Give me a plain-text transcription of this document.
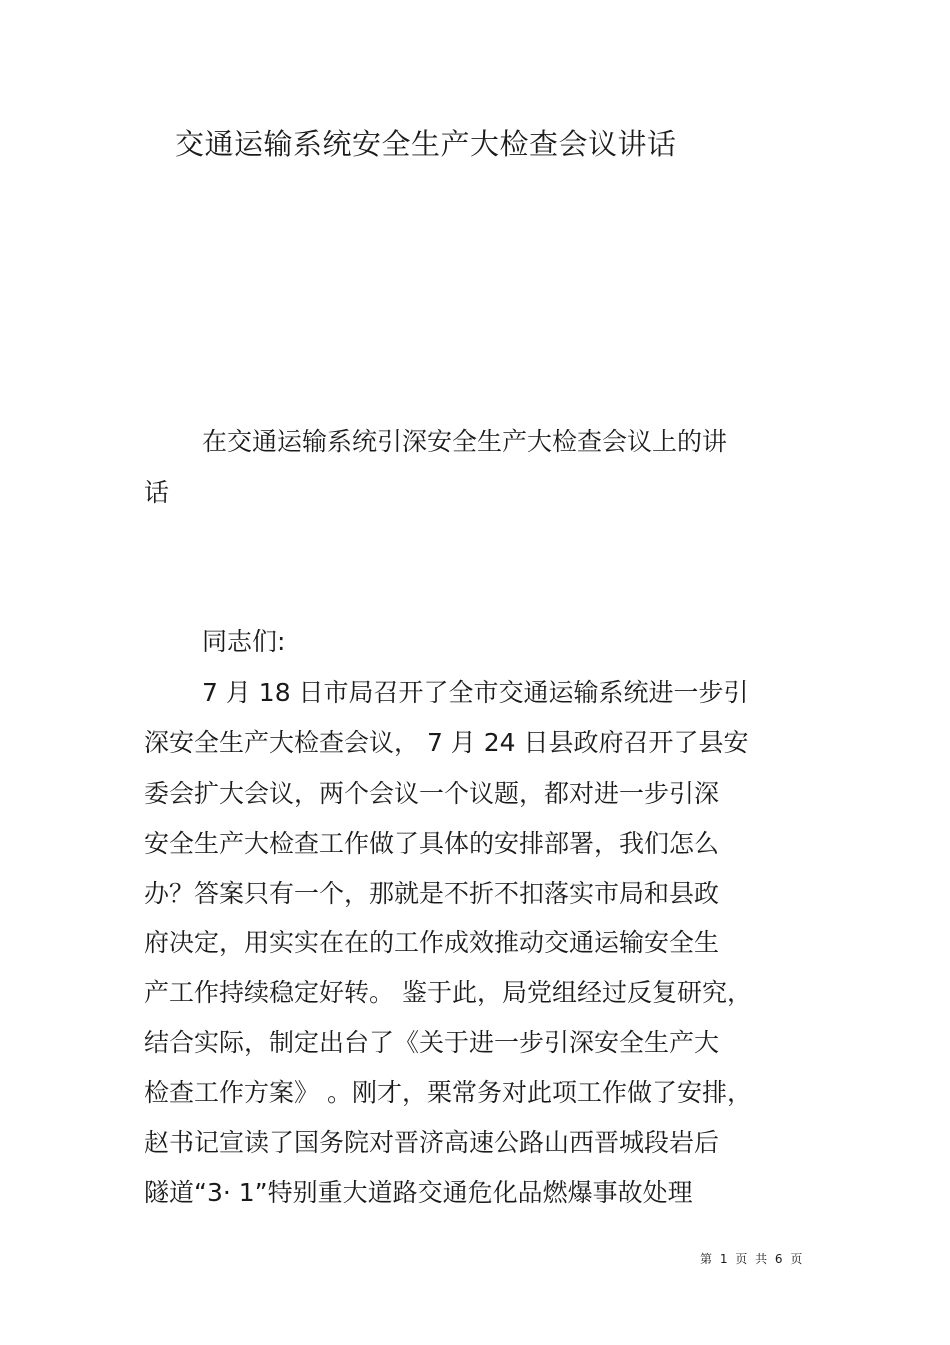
交通运输系统安全生产大检查会议讲话

在交通运输系统引深安全生产大检查会议上的讲

话

同志们:

7 月 18 日市局召开了全市交通运输系统进一步引

深安全生产大检查会议， 7 月 24 日县政府召开了县安

委会扩大会议，两个会议一个议题，都对进一步引深

安全生产大检查工作做了具体的安排部署，我们怎么

办？答案只有一个，那就是不折不扣落实市局和县政

府决定，用实实在在的工作成效推动交通运输安全生

产工作持续稳定好转。 鉴于此，局党组经过反复研究，

结合实际，制定出台了《关于进一步引深安全生产大

检查工作方案》 。刚才，栗常务对此项工作做了安排，

赵书记宣读了国务院对晋济高速公路山西晋城段岩后

隧道“3· 1”特别重大道路交通危化品燃爆事故处理

第 1 页 共 6 页
